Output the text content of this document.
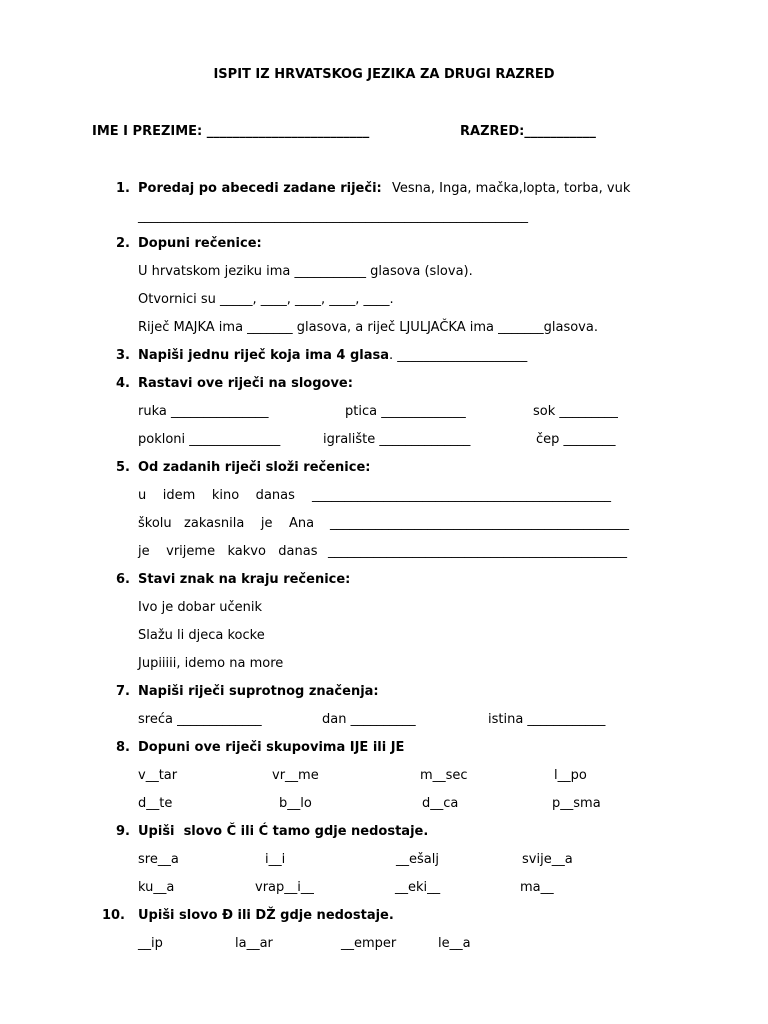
ISPIT IZ HRVATSKOG JEZIKA ZA DRUGI RAZRED
IME I PREZIME: _________________________	RAZRED:___________
1. Poredaj po abecedi zadane riječi: Vesna, Inga, mačka,lopta, torba, vuk
____________________________________________________________
2. Dopuni rečenice:
U hrvatskom jeziku ima ___________ glasova (slova).
Otvornici su _____, ____, ____, ____, ____.
Riječ MAJKA ima _______ glasova, a riječ LJULJAČKA ima _______glasova.
3. Napiši jednu riječ koja ima 4 glasa. ____________________
4. Rastavi ove riječi na slogove:
ruka _______________	ptica _____________	sok _________
pokloni ______________	igralište ______________	čep ________
5. Od zadanih riječi složi rečenice:
u    idem    kino    danas ______________________________________________
školu   zakasnila    je    Ana ______________________________________________
je    vrijeme   kakvo   danas ______________________________________________
6. Stavi znak na kraju rečenice:
Ivo je dobar učenik
Slažu li djeca kocke
Jupiiiii, idemo na more
7. Napiši riječi suprotnog značenja:
sreća _____________	dan __________	istina ____________
8. Dopuni ove riječi skupovima IJE ili JE
v__tar	vr__me	m__sec	l__po
d__te	b__lo	d__ca	p__sma
9. Upiši  slovo Č ili Ć tamo gdje nedostaje.
sre__a	i__i	__ešalj	svije__a
ku__a	vrap__i__	__eki__	ma__
10. Upiši slovo Đ ili DŽ gdje nedostaje.
__ip	la__ar	__emper	le__a
